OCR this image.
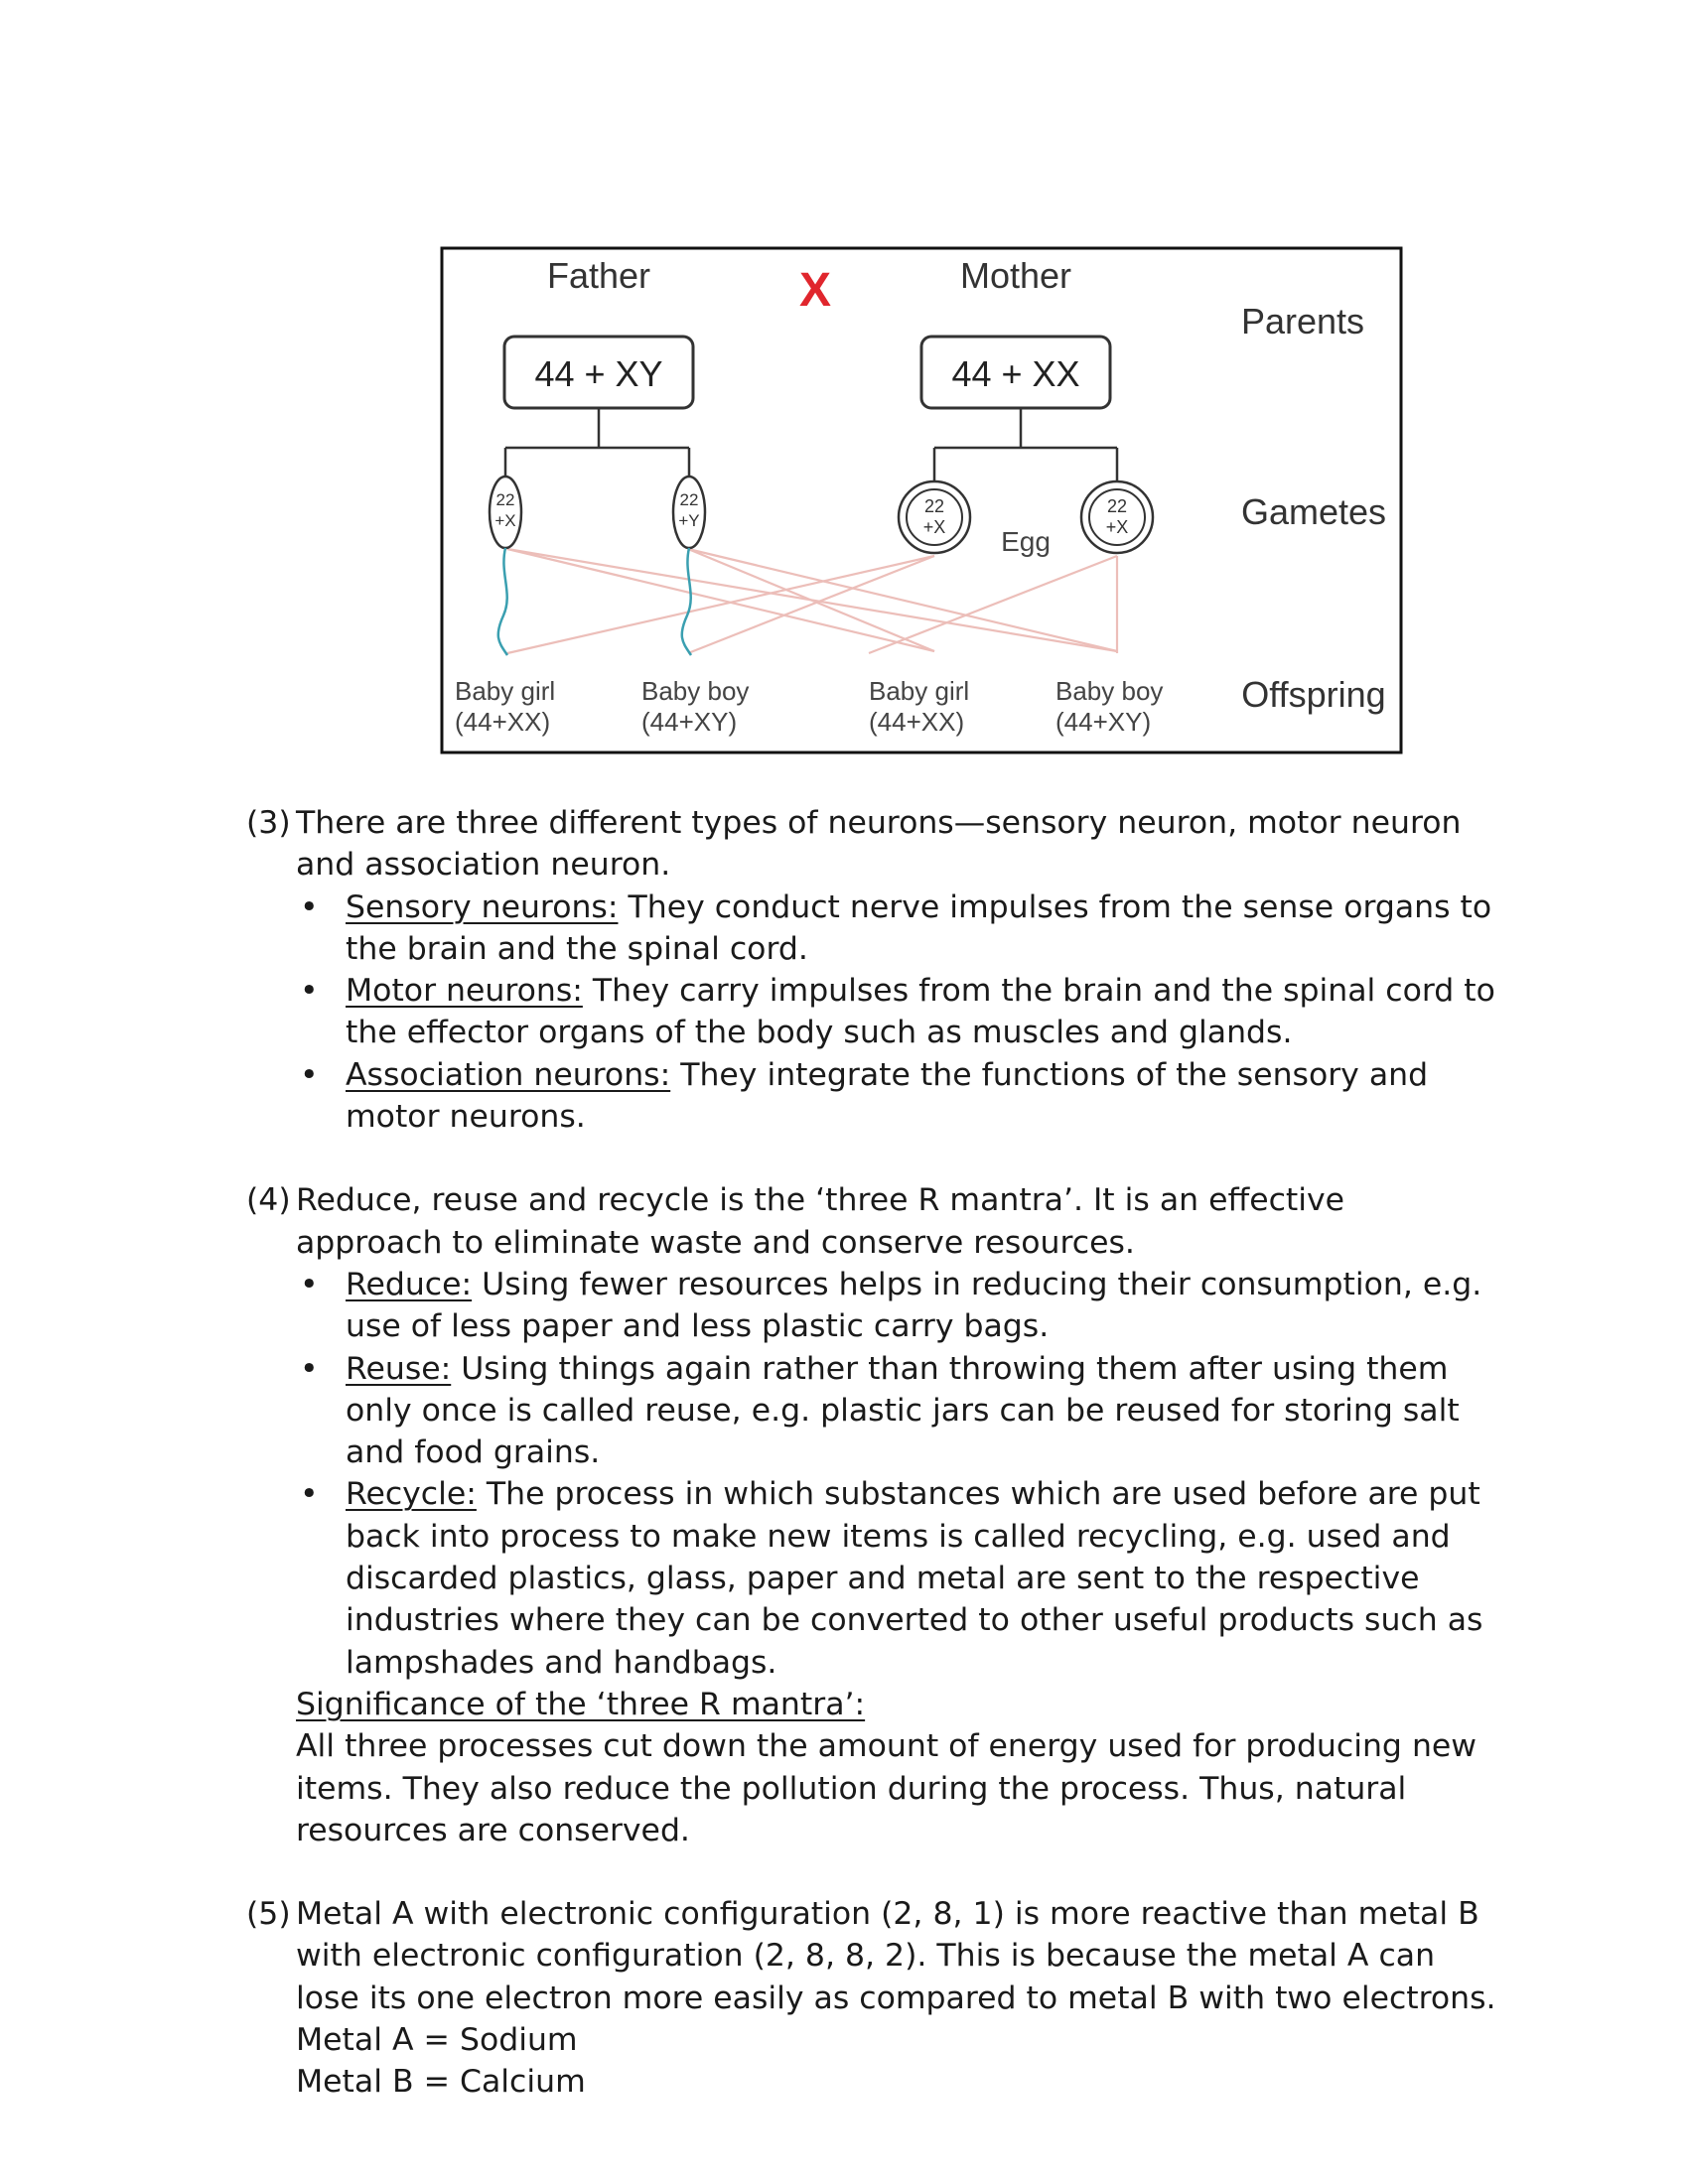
Father	Mother
X
Parents
Gametes
Offspring
44 + XY	44 + XX
22
+X
22
+Y
22
+X
22
+X
Egg
Baby girl
(44+XX)
Baby boy
(44+XY)
Baby girl
(44+XX)
Baby boy
(44+XY)
(3) There are three different types of neurons—sensory neuron, motor neuron and association neuron.

• Sensory neurons: They conduct nerve impulses from the sense organs to the brain and the spinal cord.
• Motor neurons: They carry impulses from the brain and the spinal cord to the effector organs of the body such as muscles and glands.
• Association neurons: They integrate the functions of the sensory and motor neurons.
(4) Reduce, reuse and recycle is the ‘three R mantra’. It is an effective approach to eliminate waste and conserve resources.

• Reduce: Using fewer resources helps in reducing their consumption, e.g. use of less paper and less plastic carry bags.
• Reuse: Using things again rather than throwing them after using them only once is called reuse, e.g. plastic jars can be reused for storing salt and food grains.
• Recycle: The process in which substances which are used before are put back into process to make new items is called recycling, e.g. used and discarded plastics, glass, paper and metal are sent to the respective industries where they can be converted to other useful products such as lampshades and handbags.

Significance of the ‘three R mantra’:

All three processes cut down the amount of energy used for producing new items. They also reduce the pollution during the process. Thus, natural resources are conserved.

(5) Metal A with electronic configuration (2, 8, 1) is more reactive than metal B with electronic configuration (2, 8, 8, 2). This is because the metal A can lose its one electron more easily as compared to metal B with two electrons.

Metal A = Sodium

Metal B = Calcium
